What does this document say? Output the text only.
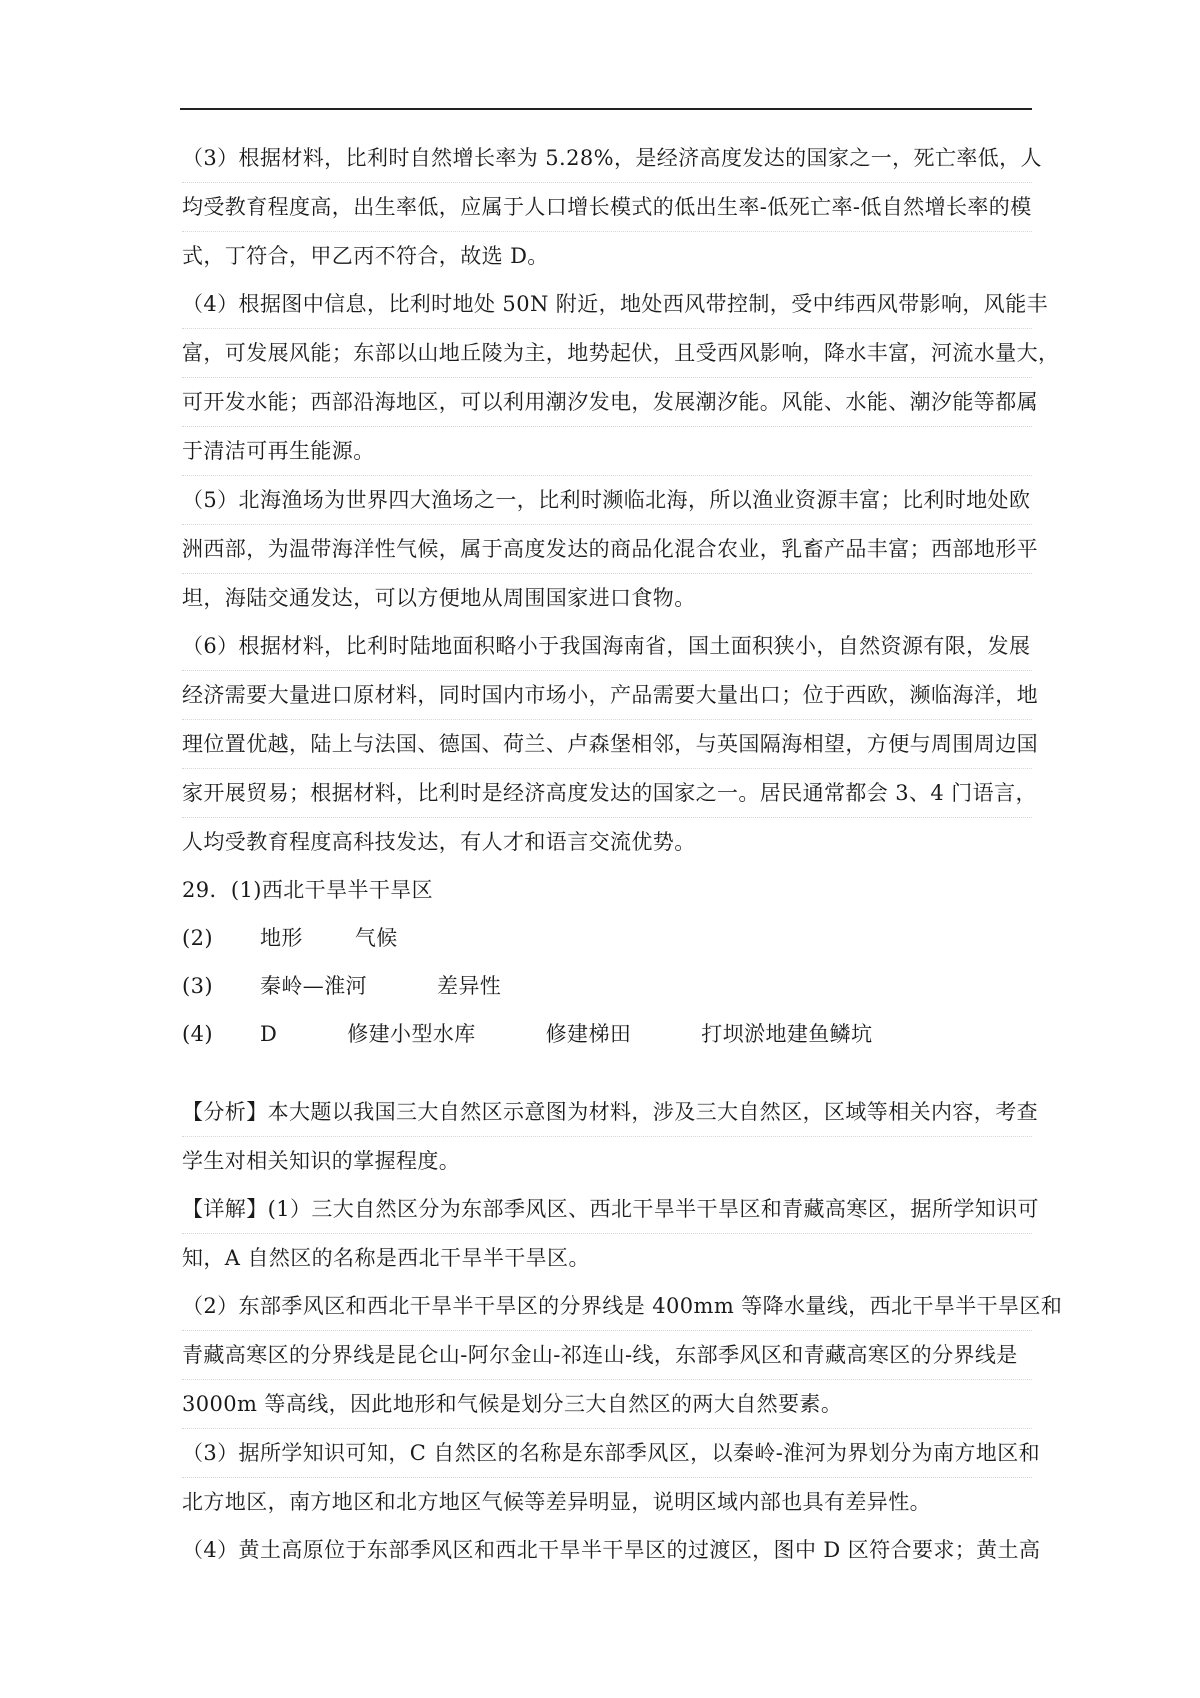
（3）根据材料，比利时自然增长率为 5.28%，是经济高度发达的国家之一，死亡率低，人
均受教育程度高，出生率低，应属于人口增长模式的低出生率-低死亡率-低自然增长率的模
式，丁符合，甲乙丙不符合，故选 D。
（4）根据图中信息，比利时地处 50N 附近，地处西风带控制，受中纬西风带影响，风能丰
富，可发展风能；东部以山地丘陵为主，地势起伏，且受西风影响，降水丰富，河流水量大，
可开发水能；西部沿海地区，可以利用潮汐发电，发展潮汐能。风能、水能、潮汐能等都属
于清洁可再生能源。
（5）北海渔场为世界四大渔场之一，比利时濒临北海，所以渔业资源丰富；比利时地处欧
洲西部，为温带海洋性气候，属于高度发达的商品化混合农业，乳畜产品丰富；西部地形平
坦，海陆交通发达，可以方便地从周围国家进口食物。
（6）根据材料，比利时陆地面积略小于我国海南省，国土面积狭小，自然资源有限，发展
经济需要大量进口原材料，同时国内市场小，产品需要大量出口；位于西欧，濒临海洋，地
理位置优越，陆上与法国、德国、荷兰、卢森堡相邻，与英国隔海相望，方便与周围周边国
家开展贸易；根据材料，比利时是经济高度发达的国家之一。居民通常都会 3、4 门语言，
人均受教育程度高科技发达，有人才和语言交流优势。
29．(1)西北干旱半干旱区
(2)	地形 气候
(3)	秦岭—淮河	差异性
(4)	D	修建小型水库	修建梯田	打坝淤地建鱼鳞坑
【分析】本大题以我国三大自然区示意图为材料，涉及三大自然区，区域等相关内容，考查
学生对相关知识的掌握程度。
【详解】(1）三大自然区分为东部季风区、西北干旱半干旱区和青藏高寒区，据所学知识可
知，A 自然区的名称是西北干旱半干旱区。
（2）东部季风区和西北干旱半干旱区的分界线是 400mm 等降水量线，西北干旱半干旱区和
青藏高寒区的分界线是昆仑山-阿尔金山-祁连山-线，东部季风区和青藏高寒区的分界线是
3000m 等高线，因此地形和气候是划分三大自然区的两大自然要素。
（3）据所学知识可知，C 自然区的名称是东部季风区，以秦岭-淮河为界划分为南方地区和
北方地区，南方地区和北方地区气候等差异明显，说明区域内部也具有差异性。
（4）黄土高原位于东部季风区和西北干旱半干旱区的过渡区，图中 D 区符合要求；黄土高
